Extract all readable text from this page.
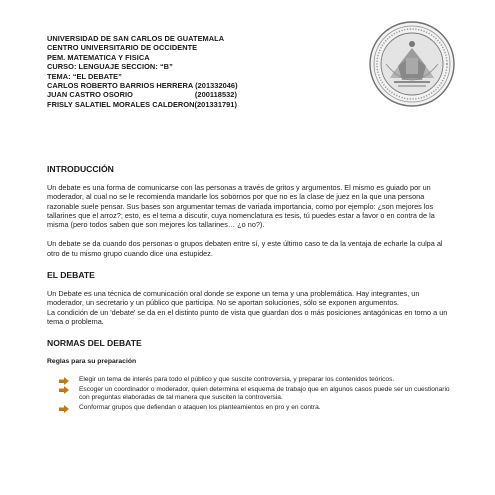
UNIVERSIDAD DE SAN CARLOS DE GUATEMALA
CENTRO UNIVERSITARIO DE OCCIDENTE
PEM. MATEMATICA Y FISICA
CURSO: LENGUAJE SECCION: “B”
TEMA: “EL DEBATE”
CARLOS ROBERTO BARRIOS HERRERA (201332046)
JUAN CASTRO OSORIO	(200118532)
FRISLY SALATIEL MORALES CALDERON(201331791)
INTRODUCCIÓN

Un debate es una forma de comunicarse con las personas a través de gritos y argumentos. El mismo es guiado por un moderador, al cual no se le recomienda mandarle los sobornos por que no es la clase de juez en la que una persona razonable suele pensar. Sus bases son argumentar temas de variada importancia, como por ejemplo: ¿son mejores los tallarines que el arroz?; esto, es el tema a discutir, cuya nomenclatura es tesis, tú puedes estar a favor o en contra de la misma (pero todos saben que son mejores los tallarines… ¿o no?).

Un debate se da cuando dos personas o grupos debaten entre sí, y este último caso te da la ventaja de echarle la culpa al otro de tu mismo grupo cuando dice una estupidez.

EL DEBATE

Un Debate es una técnica de comunicación oral donde se expone un tema y una problemática. Hay integrantes, un moderador, un secretario y un público que participa. No se aportan soluciones, sólo se exponen argumentos.

La condición de un 'debate' se da en el distinto punto de vista que guardan dos o más posiciones antagónicas en torno a un tema o problema.

NORMAS DEL DEBATE
Reglas para su preparación
Elegir un tema de interés para todo el público y que suscite controversia, y preparar los contenidos teóricos.
Escoger un coordinador o moderador, quien determina el esquema de trabajo que en algunos casos puede ser un cuestionario con preguntas elaboradas de tal manera que susciten la controversia.
Conformar grupos que defiendan o ataquen los planteamientos en pro y en contra.
